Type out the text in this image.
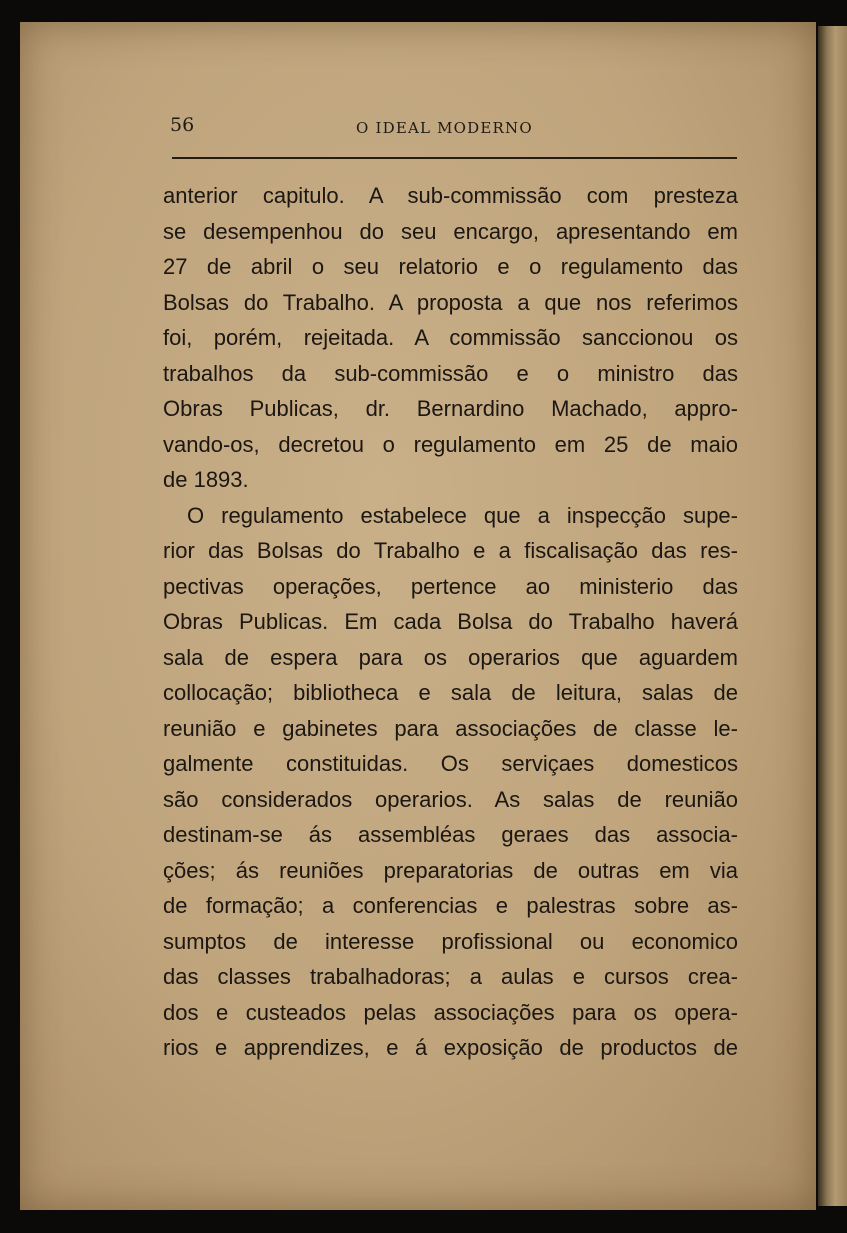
56	O IDEAL MODERNO
anterior capitulo. A sub-commissão com presteza
se desempenhou do seu encargo, apresentando em
27 de abril o seu relatorio e o regulamento das
Bolsas do Trabalho. A proposta a que nos referimos
foi, porém, rejeitada. A commissão sanccionou os
trabalhos da sub-commissão e o ministro das
Obras Publicas, dr. Bernardino Machado, appro-
vando-os, decretou o regulamento em 25 de maio
de 1893.
O regulamento estabelece que a inspecção supe-
rior das Bolsas do Trabalho e a fiscalisação das res-
pectivas operações, pertence ao ministerio das
Obras Publicas. Em cada Bolsa do Trabalho haverá
sala de espera para os operarios que aguardem
collocação; bibliotheca e sala de leitura, salas de
reunião e gabinetes para associações de classe le-
galmente constituidas. Os serviçaes domesticos
são considerados operarios. As salas de reunião
destinam-se ás assembléas geraes das associa-
ções; ás reuniões preparatorias de outras em via
de formação; a conferencias e palestras sobre as-
sumptos de interesse profissional ou economico
das classes trabalhadoras; a aulas e cursos crea-
dos e custeados pelas associações para os opera-
rios e apprendizes, e á exposição de productos de
